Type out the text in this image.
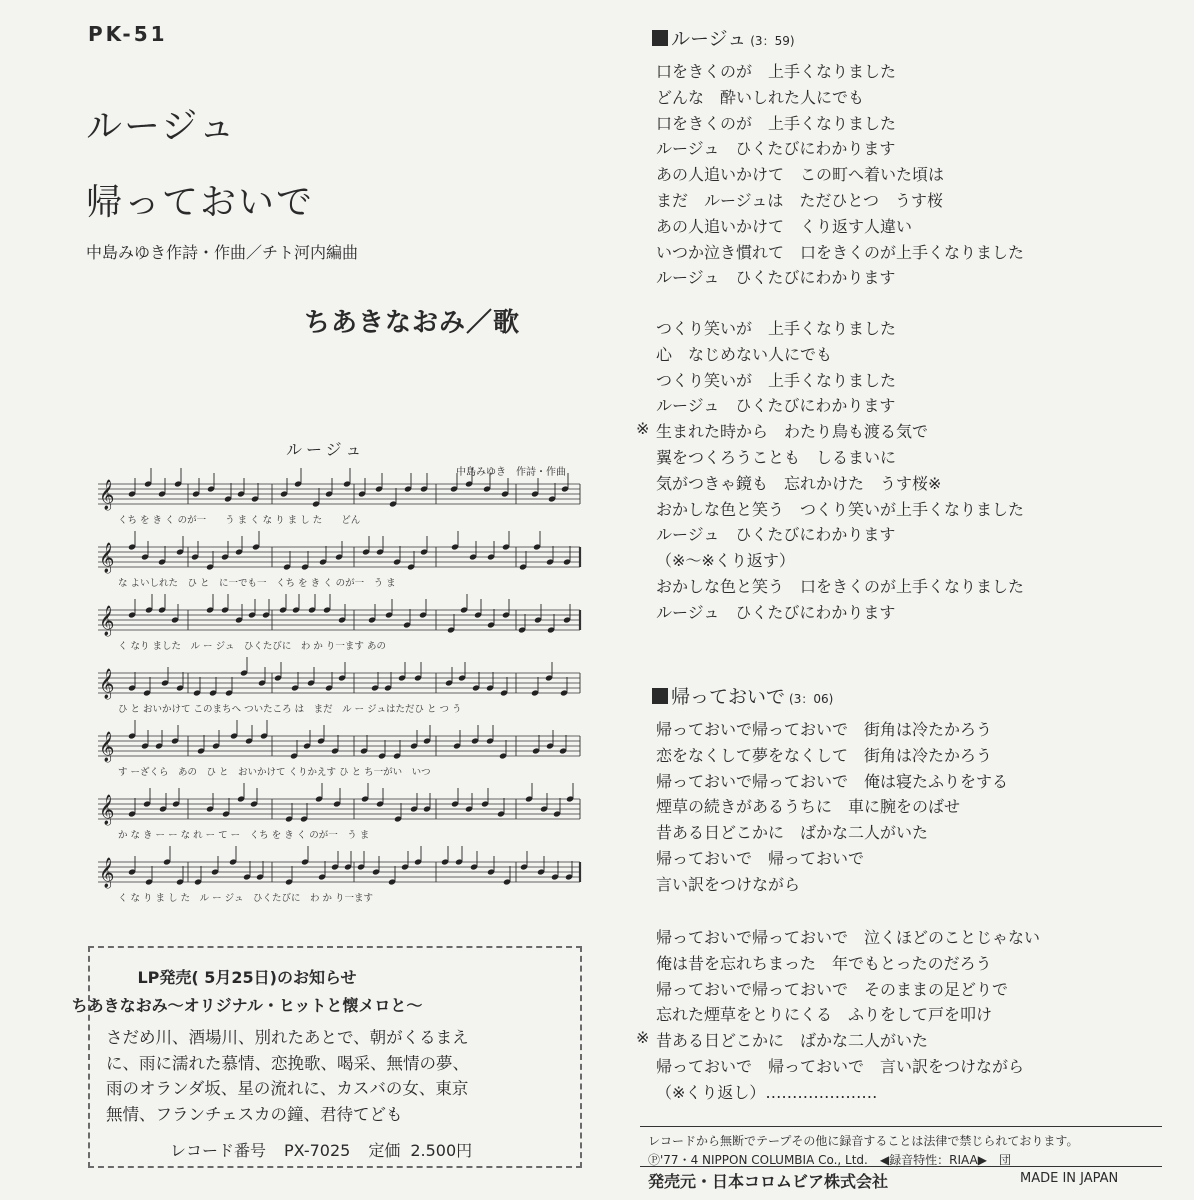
PK-51
ルージュ
帰っておいで
中島みゆき作詩・作曲／チト河内編曲
ちあきなおみ／歌
ルージュ
中島みゆき　作詩・作曲
𝄞
くち を き く のが一　　う ま く な り ま し た　　どん
𝄞
な よいしれた　ひ と　に一でも一　くち を き く のが一　う ま
𝄞
く なり ました　ル ー ジュ　ひくたびに　わ か り一ます あの
𝄞
ひ と おいかけて このまちへ ついたころ は　まだ　ル ー ジュはただひ と つ う
𝄞
す ーざくら　あの　ひ と　おいかけて くりかえす ひ と ち一がい　いつ
𝄞
か な き ー ー な れ ー て ー　くち を き く のが一　う ま
𝄞
く な り ま し た　ル ー ジュ　ひくたびに　わ か り一ます
LP発売( 5月25日)のお知らせ
ちあきなおみ〜オリジナル・ヒットと懐メロと〜
さだめ川、酒場川、別れたあとで、朝がくるまえ
に、雨に濡れた慕情、恋挽歌、喝采、無情の夢、
雨のオランダ坂、星の流れに、カスバの女、東京
無情、フランチェスカの鐘、君待てども
レコード番号 PX-7025 定価 2.500円
ルージュ (3：59)
口をきくのが　上手くなりました
どんな　酔いしれた人にでも
口をきくのが　上手くなりました
ルージュ　ひくたびにわかります
あの人追いかけて　この町へ着いた頃は
まだ　ルージュは　ただひとつ　うす桜
あの人追いかけて　くり返す人違い
いつか泣き慣れて　口をきくのが上手くなりました
ルージュ　ひくたびにわかります
つくり笑いが　上手くなりました
心　なじめない人にでも
つくり笑いが　上手くなりました
ルージュ　ひくたびにわかります
生まれた時から　わたり鳥も渡る気で
翼をつくろうことも　しるまいに
気がつきゃ鏡も　忘れかけた　うす桜※
おかしな色と笑う　つくり笑いが上手くなりました
ルージュ　ひくたびにわかります
（※〜※くり返す）
おかしな色と笑う　口をきくのが上手くなりました
ルージュ　ひくたびにわかります
※
帰っておいで (3：06)
帰っておいで帰っておいで　街角は冷たかろう
恋をなくして夢をなくして　街角は冷たかろう
帰っておいで帰っておいで　俺は寝たふりをする
煙草の続きがあるうちに　車に腕をのばせ
昔ある日どこかに　ばかな二人がいた
帰っておいで　帰っておいで
言い訳をつけながら
帰っておいで帰っておいで　泣くほどのことじゃない
俺は昔を忘れちまった　年でもとったのだろう
帰っておいで帰っておいで　そのままの足どりで
忘れた煙草をとりにくる　ふりをして戸を叩け
昔ある日どこかに　ばかな二人がいた
帰っておいで　帰っておいで　言い訳をつけながら
（※くり返し）…………………
※
レコードから無断でテープその他に録音することは法律で禁じられております。
Ⓟ'77・4 NIPPON COLUMBIA Co., Ltd. ◀録音特性：RIAA▶　団
発売元・日本コロムビア株式会社	MADE IN JAPAN
